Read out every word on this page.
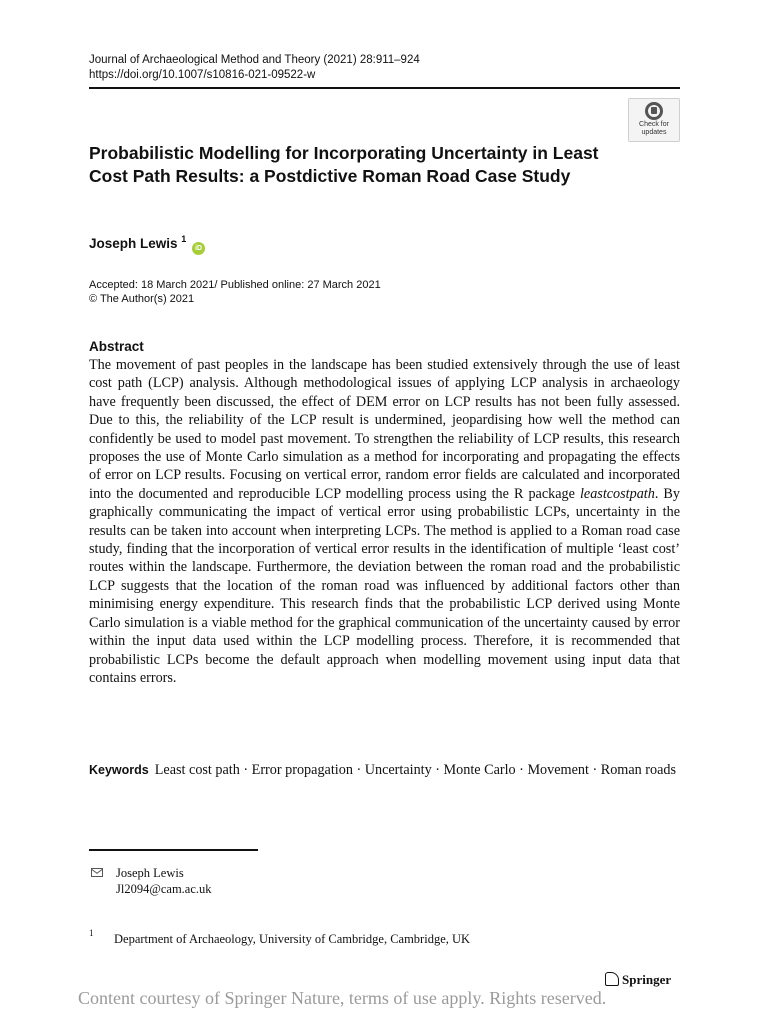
Journal of Archaeological Method and Theory (2021) 28:911–924
https://doi.org/10.1007/s10816-021-09522-w
Check for
updates
Probabilistic Modelling for Incorporating Uncertainty in Least Cost Path Results: a Postdictive Roman Road Case Study
Joseph Lewis $^1$ iD
Accepted: 18 March 2021/ Published online: 27 March 2021
© The Author(s) 2021
Abstract
The movement of past peoples in the landscape has been studied extensively through the use of least cost path (LCP) analysis. Although methodological issues of applying LCP analysis in archaeology have frequently been discussed, the effect of DEM error on LCP results has not been fully assessed. Due to this, the reliability of the LCP result is undermined, jeopardising how well the method can confidently be used to model past movement. To strengthen the reliability of LCP results, this research proposes the use of Monte Carlo simulation as a method for incorporating and propagating the effects of error on LCP results. Focusing on vertical error, random error fields are calculated and incorporated into the documented and reproducible LCP modelling process using the R package leastcostpath. By graphically communicating the impact of vertical error using probabilistic LCPs, uncertainty in the results can be taken into account when interpreting LCPs. The method is applied to a Roman road case study, finding that the incorporation of vertical error results in the identification of multiple ‘least cost’ routes within the landscape. Furthermore, the deviation between the roman road and the probabilistic LCP suggests that the location of the roman road was influenced by additional factors other than minimising energy expenditure. This research finds that the probabilistic LCP derived using Monte Carlo simulation is a viable method for the graphical communication of the uncertainty caused by error within the input data used within the LCP modelling process. Therefore, it is recommended that probabilistic LCPs become the default approach when modelling movement using input data that contains errors.
Keywords Least cost path · Error propagation · Uncertainty · Monte Carlo · Movement · Roman roads
Joseph Lewis
Jl2094@cam.ac.uk
1 Department of Archaeology, University of Cambridge, Cambridge, UK
Springer
Content courtesy of Springer Nature, terms of use apply. Rights reserved.
